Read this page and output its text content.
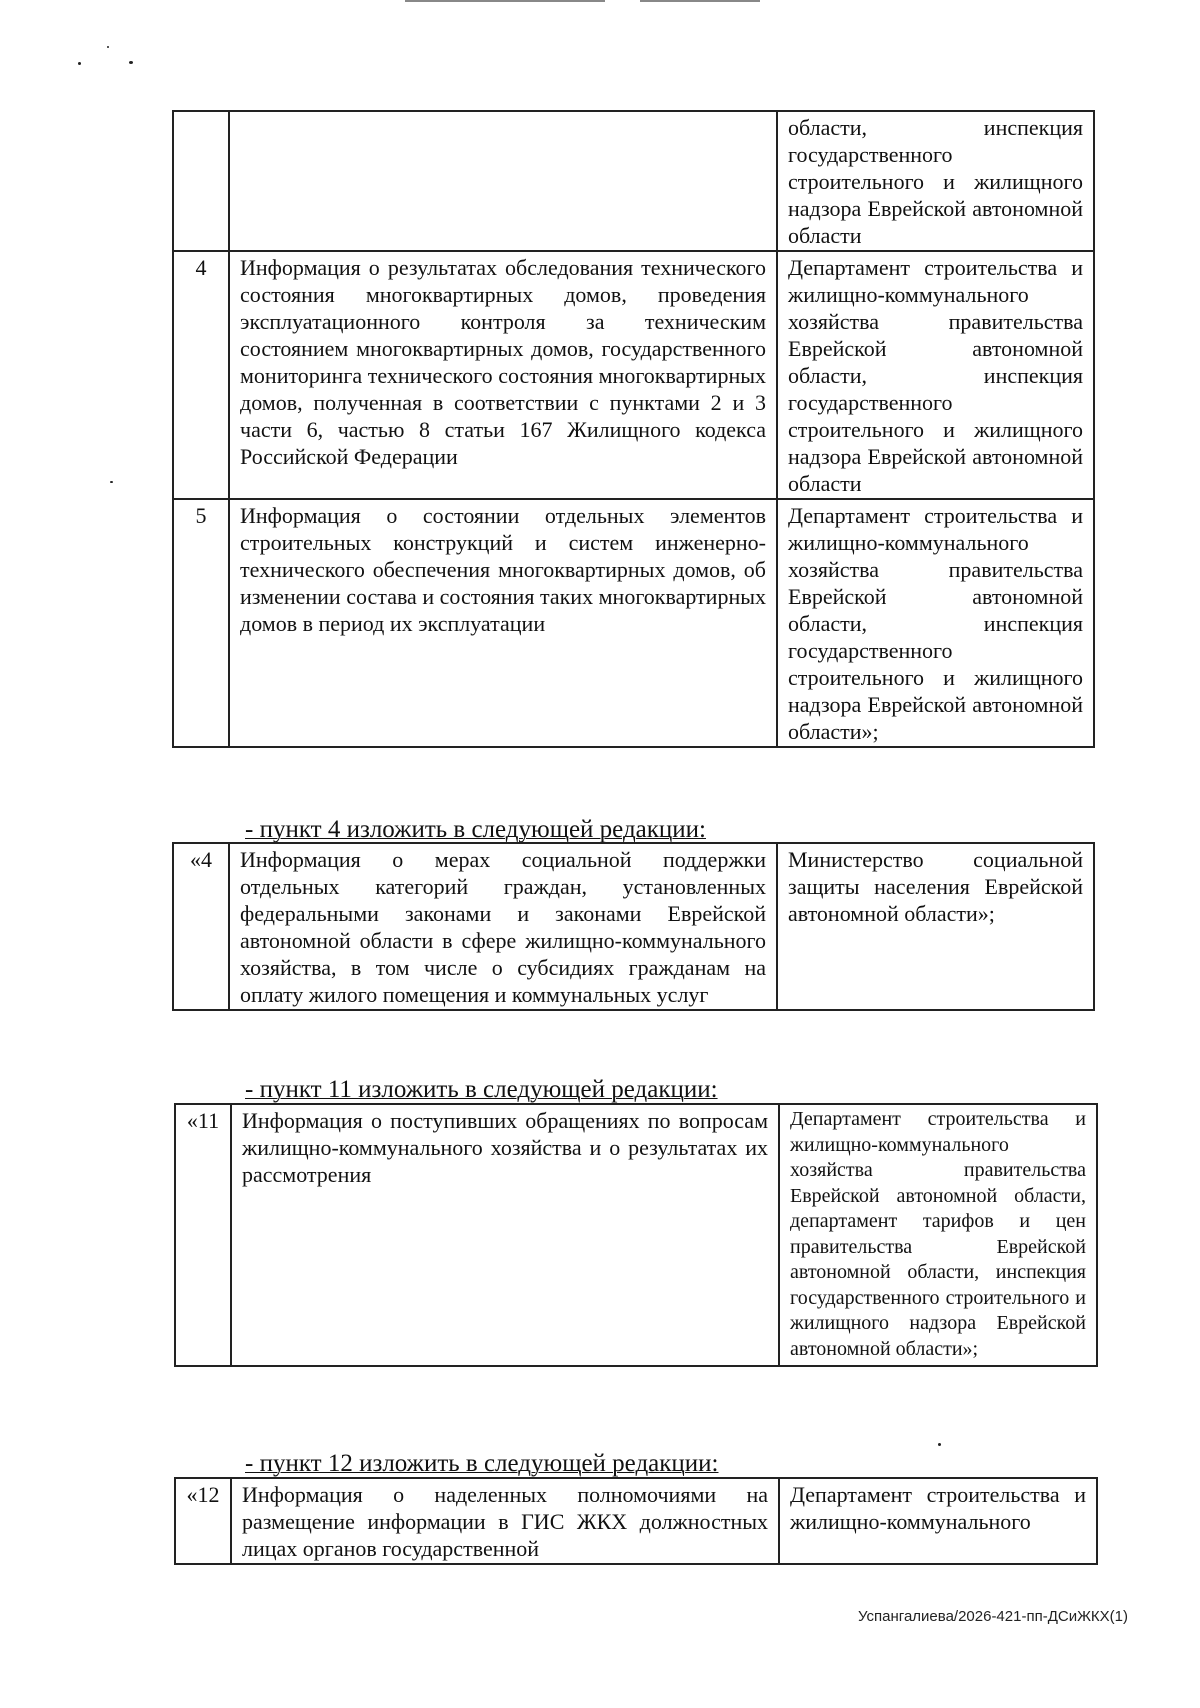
		области, инспекция государственного строительного и жилищного надзора Еврейской автономной области
4	Информация о результатах обследования технического состояния многоквартирных домов, проведения эксплуатационного контроля за техническим состоянием многоквартирных домов, государственного мониторинга технического состояния многоквартирных домов, полученная в соответствии с пунктами 2 и 3 части 6, частью 8 статьи 167 Жилищного кодекса Российской Федерации	Департамент строительства и жилищно-коммунального хозяйства правительства Еврейской автономной области, инспекция государственного строительного и жилищного надзора Еврейской автономной области
5	Информация о состоянии отдельных элементов строительных конструкций и систем инженерно-технического обеспечения многоквартирных домов, об изменении состава и состояния таких многоквартирных домов в период их эксплуатации	Департамент строительства и жилищно-коммунального хозяйства правительства Еврейской автономной области, инспекция государственного строительного и жилищного надзора Еврейской автономной области»;
- пункт 4 изложить в следующей редакции:
«4	Информация о мерах социальной поддержки отдельных категорий граждан, установленных федеральными законами и законами Еврейской автономной области в сфере жилищно-коммунального хозяйства, в том числе о субсидиях гражданам на оплату жилого помещения и коммунальных услуг	Министерство социальной защиты населения Еврейской автономной области»;
- пункт 11 изложить в следующей редакции:
«11	Информация о поступивших обращениях по вопросам жилищно-коммунального хозяйства и о результатах их рассмотрения	Департамент строительства и жилищно-коммунального хозяйства правительства Еврейской автономной области, департамент тарифов и цен правительства Еврейской автономной области, инспекция государственного строительного и жилищного надзора Еврейской автономной области»;
- пункт 12 изложить в следующей редакции:
«12	Информация о наделенных полномочиями на размещение информации в ГИС ЖКХ должностных лицах органов государственной	Департамент строительства и жилищно-коммунального
Успангалиева/2026-421-пп-ДСиЖКХ(1)
